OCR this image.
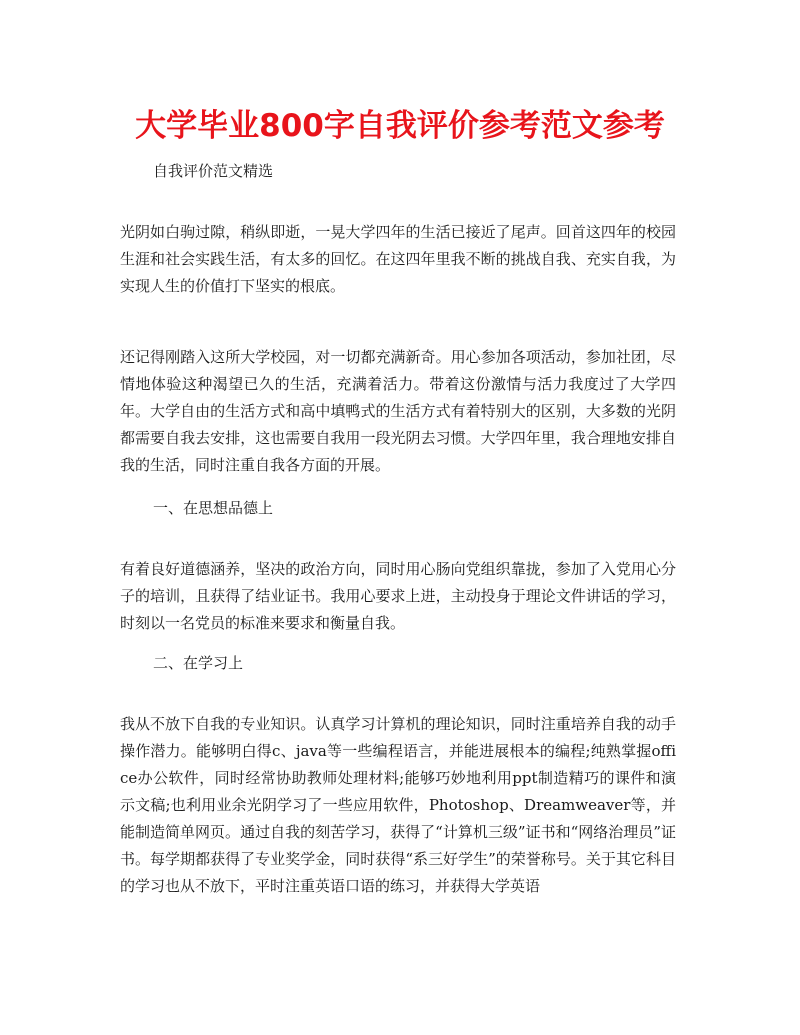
大学毕业800字自我评价参考范文参考

自我评价范文精选

光阴如白驹过隙，稍纵即逝，一晃大学四年的生活已接近了尾声。回首这四年的校园生涯和社会实践生活，有太多的回忆。在这四年里我不断的挑战自我、充实自我，为实现人生的价值打下坚实的根底。

还记得刚踏入这所大学校园，对一切都充满新奇。用心参加各项活动，参加社团，尽情地体验这种渴望已久的生活，充满着活力。带着这份激情与活力我度过了大学四年。大学自由的生活方式和高中填鸭式的生活方式有着特别大的区别，大多数的光阴都需要自我去安排，这也需要自我用一段光阴去习惯。大学四年里，我合理地安排自我的生活，同时注重自我各方面的开展。

一、在思想品德上

有着良好道德涵养，坚决的政治方向，同时用心肠向党组织靠拢，参加了入党用心分子的培训，且获得了结业证书。我用心要求上进，主动投身于理论文件讲话的学习，时刻以一名党员的标准来要求和衡量自我。

二、在学习上

我从不放下自我的专业知识。认真学习计算机的理论知识，同时注重培养自我的动手操作潜力。能够明白得c、java等一些编程语言，并能进展根本的编程;纯熟掌握office办公软件，同时经常协助教师处理材料;能够巧妙地利用ppt制造精巧的课件和演示文稿;也利用业余光阴学习了一些应用软件，Photoshop、Dreamweaver等，并能制造简单网页。通过自我的刻苦学习，获得了“计算机三级”证书和“网络治理员”证书。每学期都获得了专业奖学金，同时获得“系三好学生”的荣誉称号。关于其它科目的学习也从不放下，平时注重英语口语的练习，并获得大学英语
